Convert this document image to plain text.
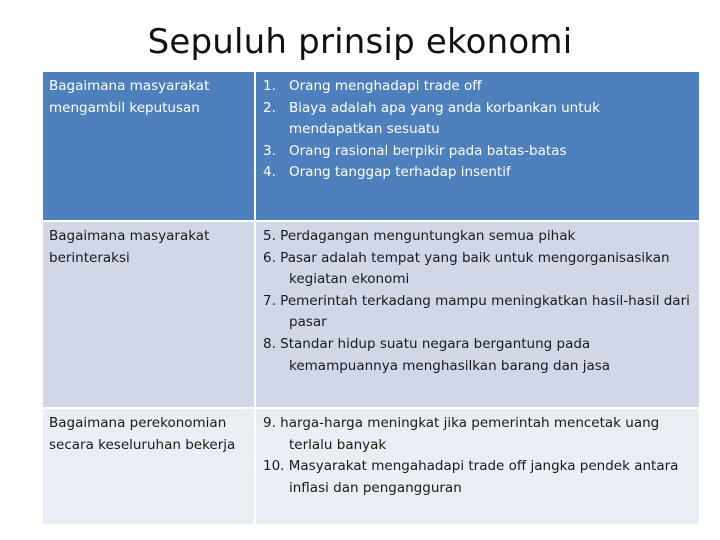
Sepuluh prinsip ekonomi
Bagaimana masyarakat mengambil keputusan
1. Orang menghadapi trade off
2. Biaya adalah apa yang anda korbankan untuk mendapatkan sesuatu
3. Orang rasional berpikir pada batas-batas
4. Orang tanggap terhadap insentif
Bagaimana masyarakat berinteraksi
5. Perdagangan menguntungkan semua pihak
6. Pasar adalah tempat yang baik untuk mengorganisasikan kegiatan ekonomi
7. Pemerintah terkadang mampu meningkatkan hasil-hasil dari pasar
8. Standar hidup suatu negara bergantung pada kemampuannya menghasilkan barang dan jasa
Bagaimana perekonomian secara keseluruhan bekerja
9. harga-harga meningkat jika pemerintah mencetak uang terlalu banyak
10. Masyarakat mengahadapi trade off jangka pendek antara inflasi dan pengangguran
